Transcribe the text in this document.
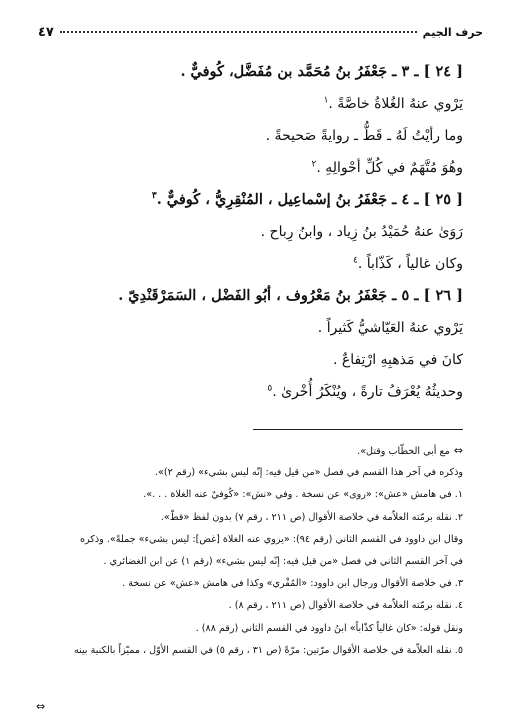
حرف الجيم
٤٧
[ ٢٤ ] ـ ٣ ـ جَعْفَرُ بنُ مُحَمَّد بن مُفَضَّل، كُوفيٌّ .
يَرْوي عنهُ الغُلاةُ خاصَّةً .$^١$
وما رأيْتُ لَهُ ـ قَطُّ ـ روايةً صَحيحةً .
وهُوَ مُتَّهَمٌ في كُلِّ أحْوالِهِ .$^٢$
[ ٢٥ ] ـ ٤ ـ جَعْفَرُ بنُ إسْماعِيل ، المُنْقِرِيُّ ، كُوفيٌّ .$^٣$
رَوَىٰ عنهُ حُمَيْدُ بنُ زِياد ، وابنُ رِباح .
وكان غالياً ، كَذّاباً .$^٤$
[ ٢٦ ] ـ ٥ ـ جَعْفَرُ بنُ مَعْرُوف ، أبُو الفَضْل ، السَمَرْقَنْدِيّ .
يَرْوي عنهُ العَيّاشيُّ كَثيراً .
كانَ في مَذهبِهِ ارْتِفاعٌ .
وحديثُهُ يُعْرَفُ تارةً ، ويُنْكَرُ أُخْرىٰ .$^٥$
⇔مع أبي الخطّاب وقتل».
وذكره في آخر هذا القسم في فصل «من قيل فيه: إنّه ليس بشيء» (رقم ٢)».
١. في هامش «عش»: «روى» عن نسخة . وفي «نش»: «كُوفيٌ عنه الغلاة . . .».
٢. نقله برمّته العلاّمة في خلاصة الأقوال (ص ٢١١ ، رقم ٧) بدون لفظ «قطّ».
وقال ابن داوود في القسم الثاني (رقم ٩٤): «يروي عنه الغلاة [غض]: ليس بشيء» جملةً». وذكره
في آخر القسم الثاني في فصل «من قيل فيه: إنّه ليس بشيء» (رقم ١) عن ابن الغضائري .
٣. في خلاصة الأقوال ورجال ابن داوود: «المُقْري» وكذا في هامش «عش» عن نسخة .
٤. نقله برمّته العلاّمة في خلاصة الأقوال (ص ٢١١ ، رقم ٨) .
ونقل قوله: «كان غالياً كذّاباً» ابنُ داوود في القسم الثاني (رقم ٨٨) .
٥. نقله العلاّمة في خلاصة الأقوال مرّتين: مرّةً (ص ٣١ ، رقم ٥) في القسم الأوّل ، مميّزاً بالكنية بينه
⇔
